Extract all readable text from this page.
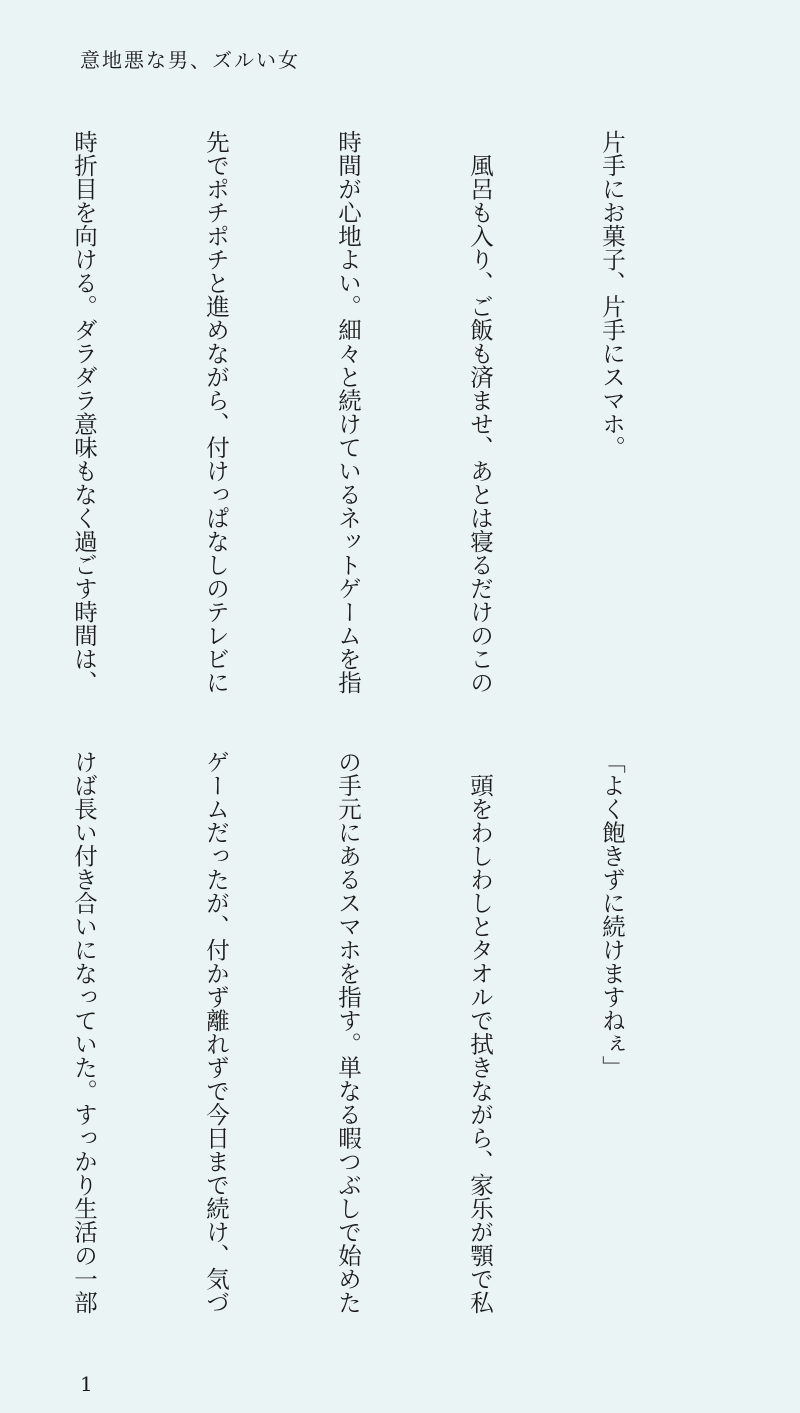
意地悪な男、ズルい女

片手にお菓子、片手にスマホ。

　風呂も入り、ご飯も済ませ、あとは寝るだけのこの

時間が心地よい。細々と続けているネットゲームを指

先でポチポチと進めながら、付けっぱなしのテレビに

時折目を向ける。ダラダラ意味もなく過ごす時間は、

「よく飽きずに続けますねぇ」

　頭をわしわしとタオルで拭きながら、家乐が顎で私

の手元にあるスマホを指す。単なる暇つぶしで始めた

ゲームだったが、付かず離れずで今日まで続け、気づ

けば長い付き合いになっていた。すっかり生活の一部

1
